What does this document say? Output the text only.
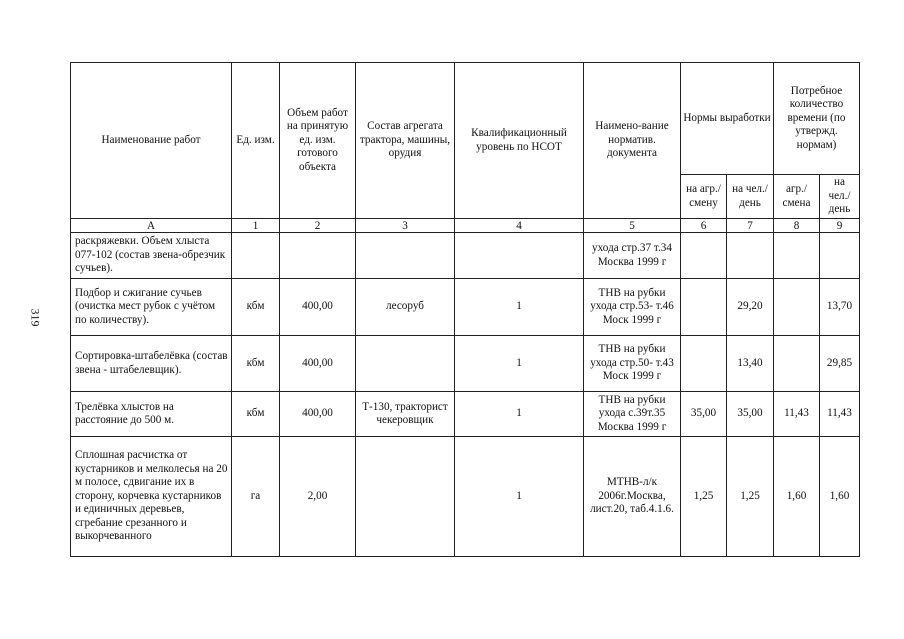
319
Наименование работ	Ед. изм.	Объем работ на принятую ед. изм. готового объекта	Состав агрегата трактора, машины, орудия	Квалификационный уровень по НСОТ	Наимено-вание норматив. документа	Нормы выработки		Потребное количество времени (по утвержд. нормам)	
						на агр./ смену	на чел./ день	агр./ смена	на чел./ день
А	1	2	3	4	5	6	7	8	9
раскряжевки. Объем хлыста 077-102 (состав звена-обрезчик сучьев).					ухода стр.37 т.34 Москва 1999 г				
Подбор и сжигание сучьев (очистка мест рубок с учётом по количеству).	кбм	400,00	лесоруб	1	ТНВ на рубки ухода стр.53- т.46 Моск 1999 г		29,20		13,70
Сортировка-штабелёвка (состав звена - штабелевщик).	кбм	400,00		1	ТНВ на рубки ухода стр.50- т.43 Моск 1999 г		13,40		29,85
Трелёвка хлыстов на расстояние до 500 м.	кбм	400,00	Т-130, тракторист чекеровщик	1	ТНВ на рубки ухода с.39т.35 Москва 1999 г	35,00	35,00	11,43	11,43
Сплошная расчистка от кустарников и мелколесья на 20 м полосе, сдвигание их в сторону, корчевка кустарников и единичных деревьев, сгребание срезанного и выкорчеванного	га	2,00		1	МТНВ-л/к 2006г.Москва, лист.20, таб.4.1.6.	1,25	1,25	1,60	1,60
